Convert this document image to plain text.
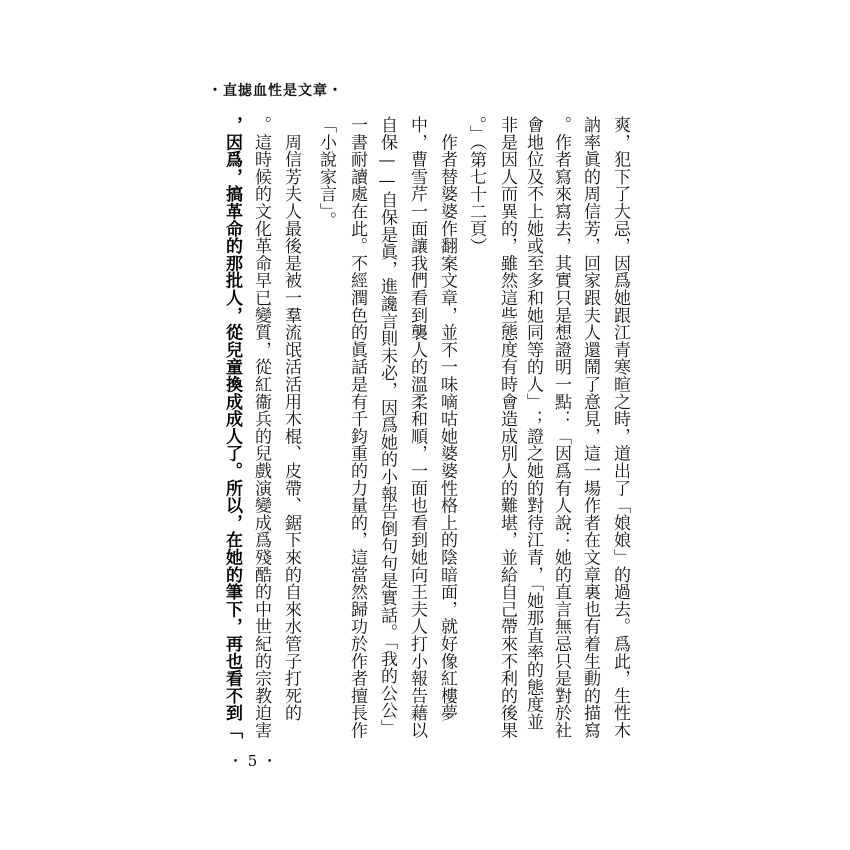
・直摅血性是文章・
爽，犯下了大忌，因爲她跟江青寒暄之時，道出了「娘娘」的過去。爲此，生性木
訥率眞的周信芳，回家跟夫人還鬧了意見，這一場作者在文章裏也有着生動的描寫
。作者寫來寫去，其實只是想證明一點：「因爲有人說：她的直言無忌只是對於社
會地位及不上她或至多和她同等的人」；證之她的對待江青，「她那直率的態度並
非是因人而異的，雖然這些態度有時會造成別人的難堪，並給自己帶來不利的後果
。」（第七十二頁）
　作者替婆婆作翻案文章，並不一味嘀咕她婆婆性格上的陰暗面，就好像紅樓夢
中，曹雪芹一面讓我們看到襲人的溫柔和順，一面也看到她向王夫人打小報告藉以
自保——自保是眞，進讒言則未必，因爲她的小報告倒句句是實話。「我的公公」
一書耐讀處在此。不經潤色的眞話是有千鈞重的力量的，這當然歸功於作者擅長作
「小說家言」。
　周信芳夫人最後是被一羣流氓活活用木棍、皮帶、鋸下來的自來水管子打死的
。這時候的文化革命早已變質，從紅衞兵的兒戲演變成爲殘酷的中世紀的宗教迫害
，因爲，搞革命的那批人，從兒童換成成人了。所以，在她的筆下，再也看不到「
・ 5 ・
